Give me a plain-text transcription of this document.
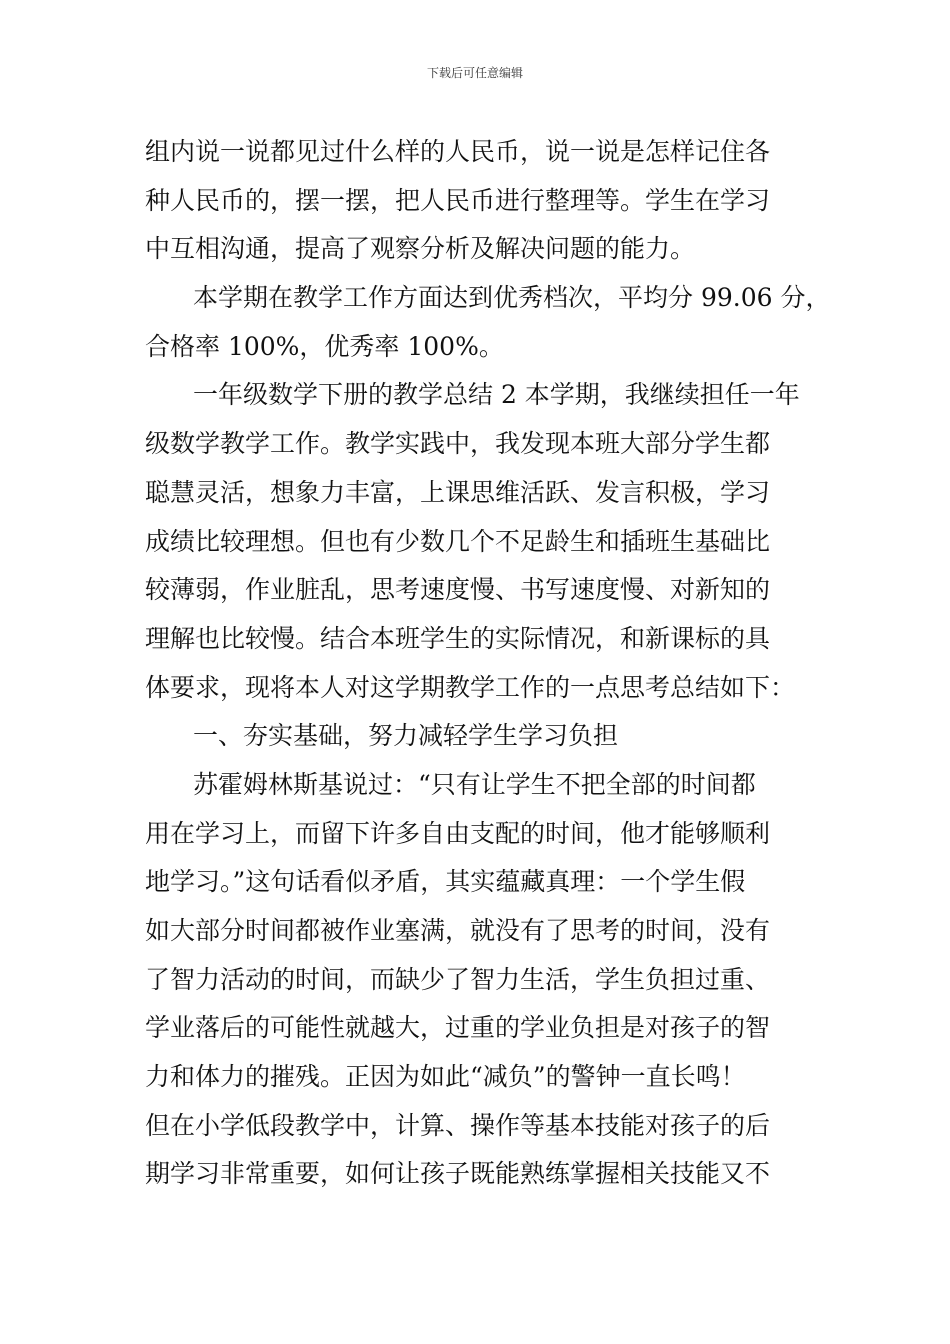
下载后可任意编辑
组内说一说都见过什么样的人民币，说一说是怎样记住各
种人民币的，摆一摆，把人民币进行整理等。学生在学习
中互相沟通，提高了观察分析及解决问题的能力。
本学期在教学工作方面达到优秀档次，平均分 99.06 分，
合格率 100%，优秀率 100%。
一年级数学下册的教学总结 2 本学期，我继续担任一年
级数学教学工作。教学实践中，我发现本班大部分学生都
聪慧灵活，想象力丰富，上课思维活跃、发言积极，学习
成绩比较理想。但也有少数几个不足龄生和插班生基础比
较薄弱，作业脏乱，思考速度慢、书写速度慢、对新知的
理解也比较慢。结合本班学生的实际情况，和新课标的具
体要求，现将本人对这学期教学工作的一点思考总结如下：
一、夯实基础，努力减轻学生学习负担
苏霍姆林斯基说过：“只有让学生不把全部的时间都
用在学习上，而留下许多自由支配的时间，他才能够顺利
地学习。”这句话看似矛盾，其实蕴藏真理：一个学生假
如大部分时间都被作业塞满，就没有了思考的时间，没有
了智力活动的时间，而缺少了智力生活，学生负担过重、
学业落后的可能性就越大，过重的学业负担是对孩子的智
力和体力的摧残。正因为如此“减负”的警钟一直长鸣！
但在小学低段教学中，计算、操作等基本技能对孩子的后
期学习非常重要，如何让孩子既能熟练掌握相关技能又不
